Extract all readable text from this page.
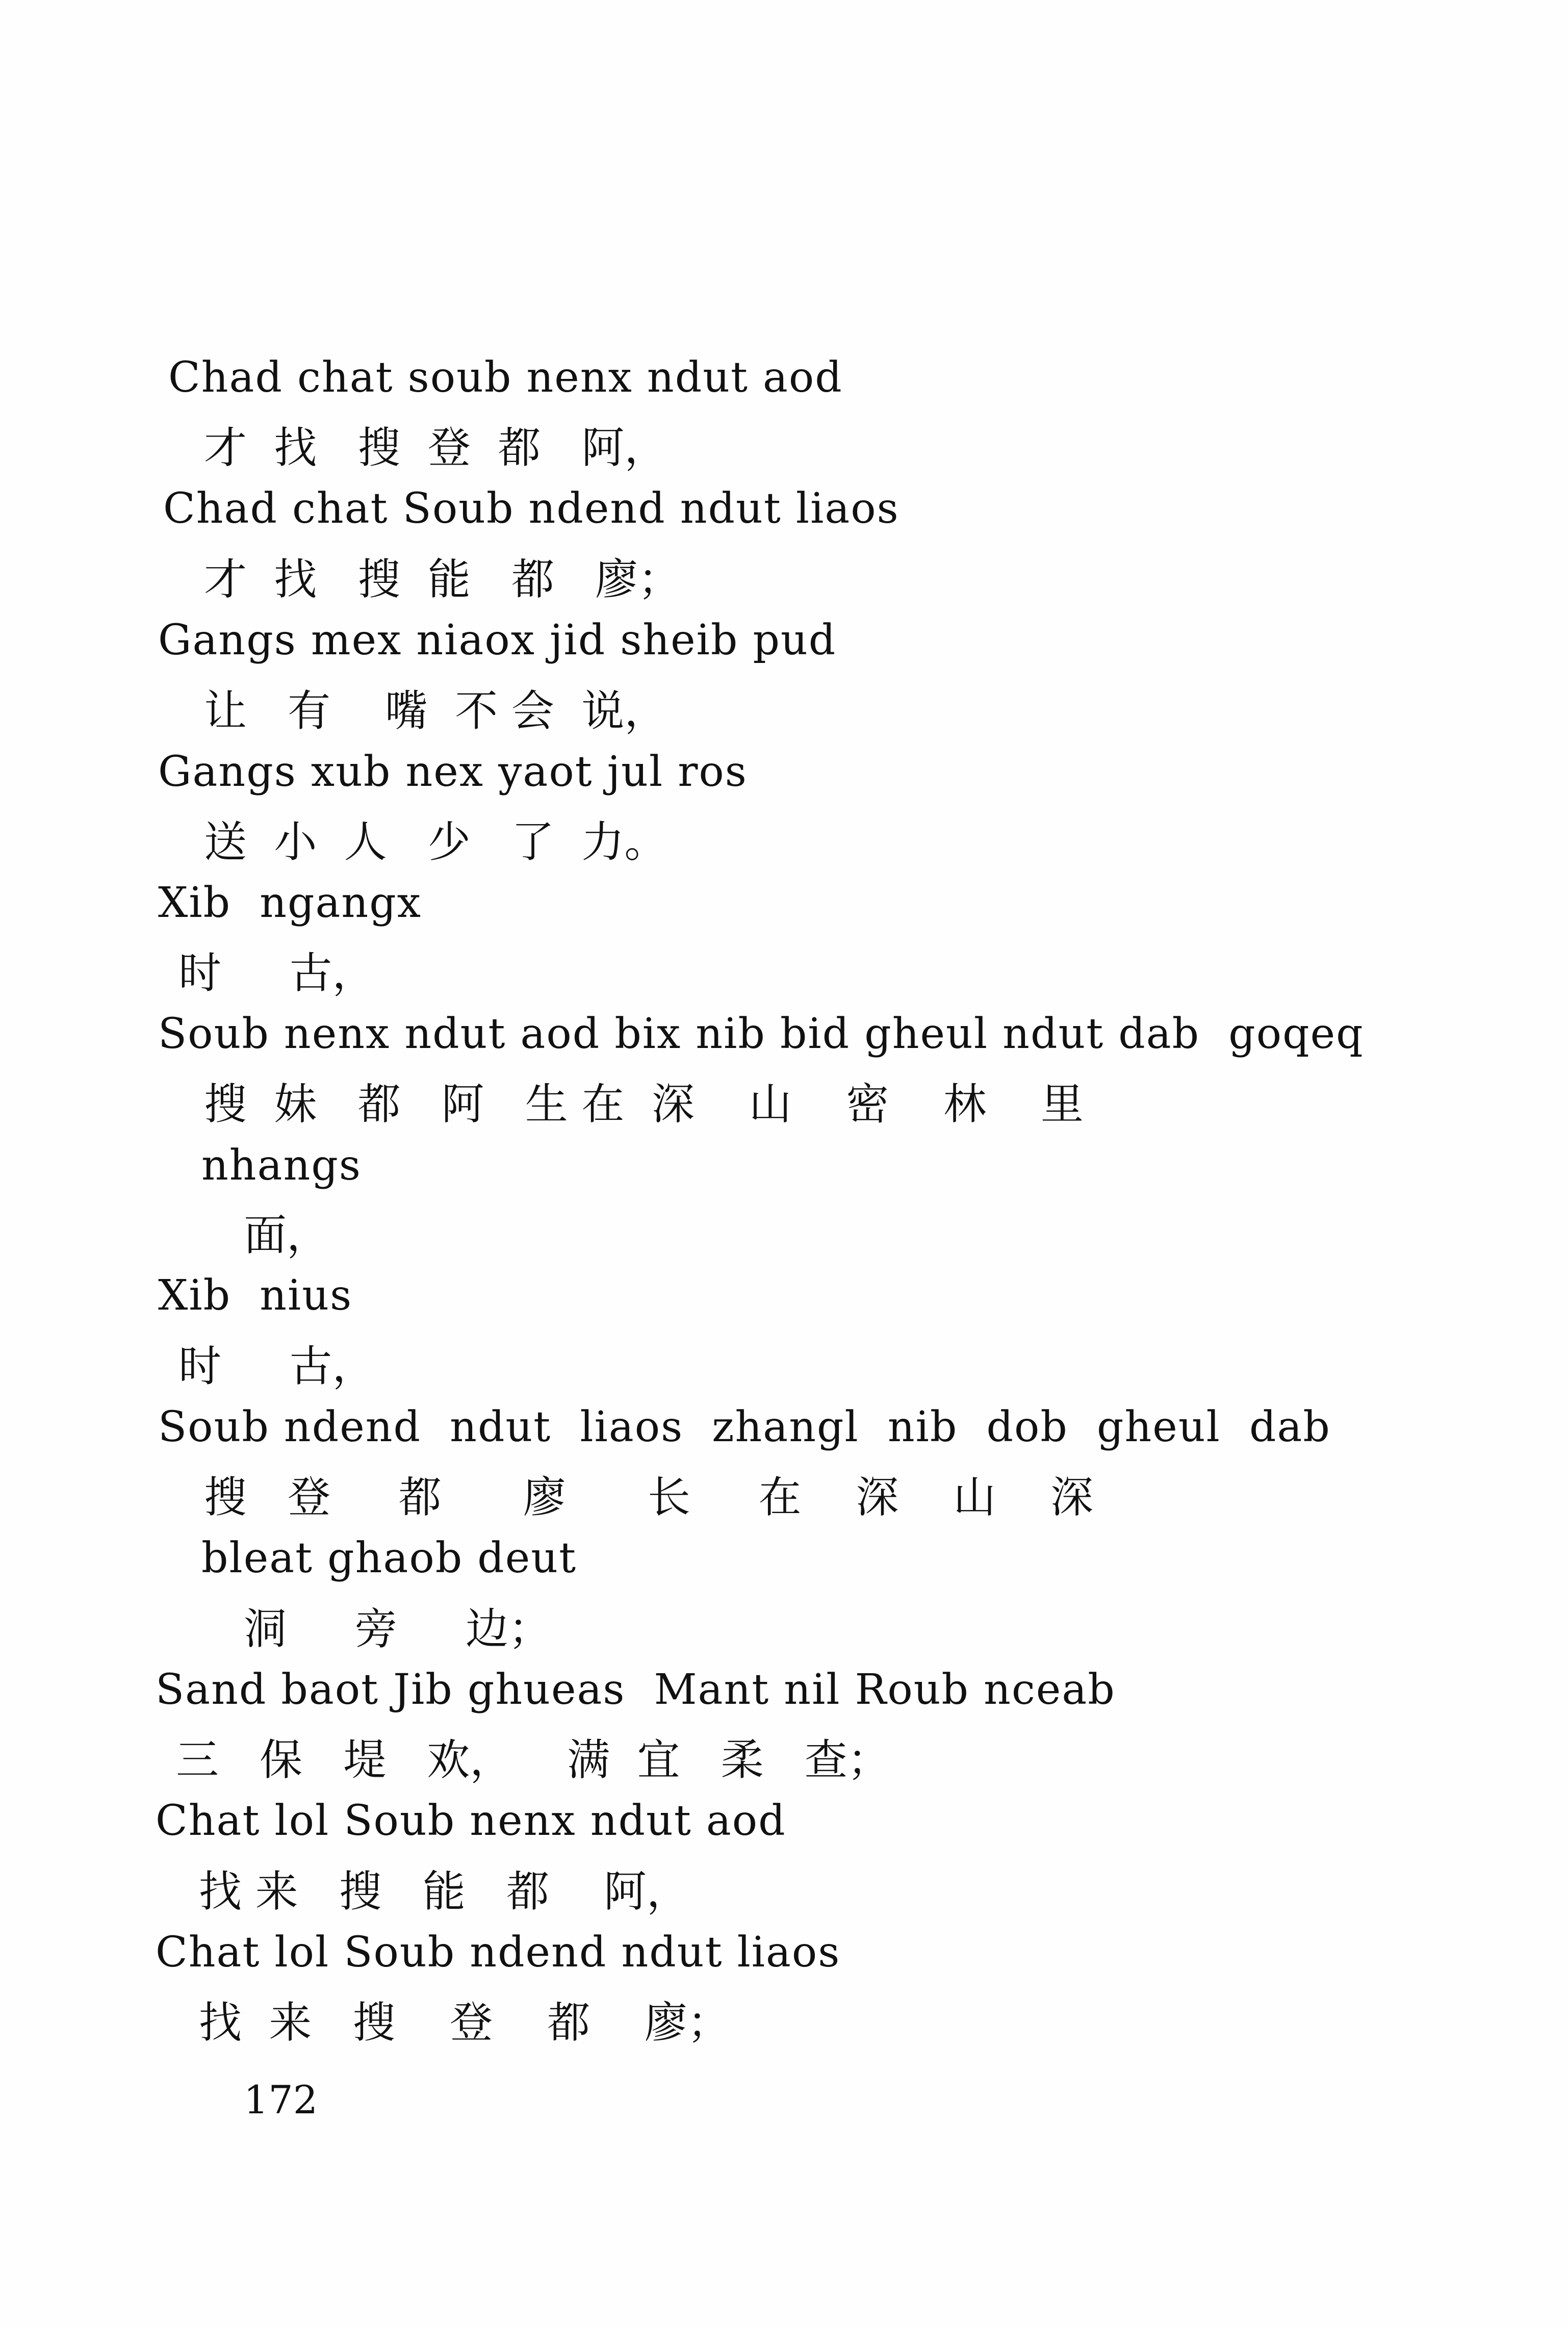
Chad chat soub nenx ndut aod
才  找   搜  登  都   阿，
Chad chat Soub ndend ndut liaos
才  找   搜  能   都   廖；
Gangs mex niaox jid sheib pud
让   有    嘴  不 会  说，
Gangs xub nex yaot jul ros
送  小  人   少   了  力。
Xib  ngangx
时     古，
Soub nenx ndut aod bix nib bid gheul ndut dab  goqeq
搜  妹   都   阿   生 在  深    山    密    林    里
nhangs
面，
Xib  nius
时     古，
Soub ndend  ndut  liaos  zhangl  nib  dob  gheul  dab
搜   登     都      廖      长     在    深    山    深
bleat ghaob deut
洞     旁     边；
Sand baot Jib ghueas  Mant nil Roub nceab
三   保   堤   欢，    满  宜   柔   查；
Chat lol Soub nenx ndut aod
找 来   搜   能   都    阿，
Chat lol Soub ndend ndut liaos
找  来   搜    登    都    廖；
172
